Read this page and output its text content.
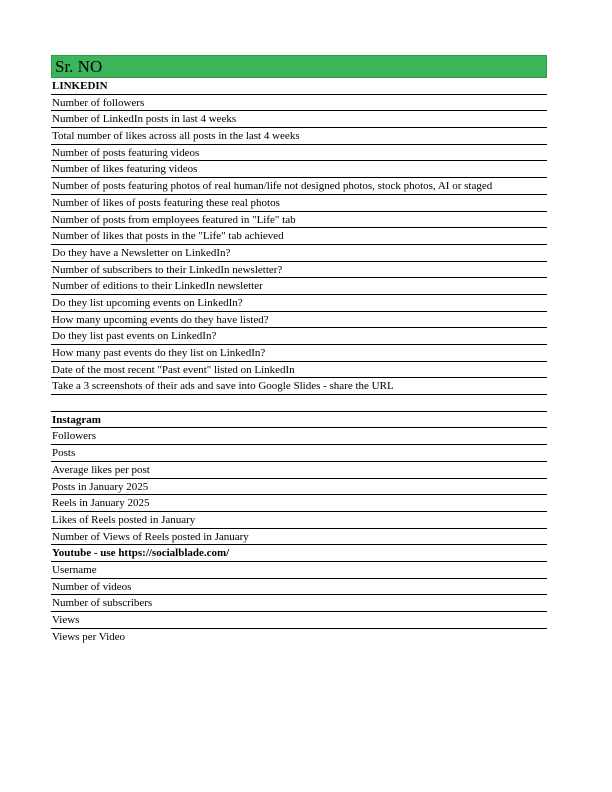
Sr. NO
LINKEDIN
Number of followers
Number of LinkedIn posts in last 4 weeks
Total number of likes across all posts in the last 4 weeks
Number of posts featuring videos
Number of likes featuring videos
Number of posts featuring photos of real human/life not designed photos, stock photos, AI or staged
Number of likes of posts featuring these real photos
Number of posts from employees featured in "Life" tab
Number of likes that posts in the "Life" tab achieved
Do they have a Newsletter on LinkedIn?
Number of subscribers to their LinkedIn newsletter?
Number of editions to their LinkedIn newsletter
Do they list upcoming events on LinkedIn?
How many upcoming events do they have listed?
Do they list past events on LinkedIn?
How many past events do they list on LinkedIn?
Date of the most recent "Past event" listed on LinkedIn
Take a 3 screenshots of their ads and save into Google Slides - share the URL
Instagram
Followers
Posts
Average likes per post
Posts in January 2025
Reels in January 2025
Likes of Reels posted in January
Number of Views of Reels posted in January
Youtube - use https://socialblade.com/
Username
Number of videos
Number of subscribers
Views
Views per Video
